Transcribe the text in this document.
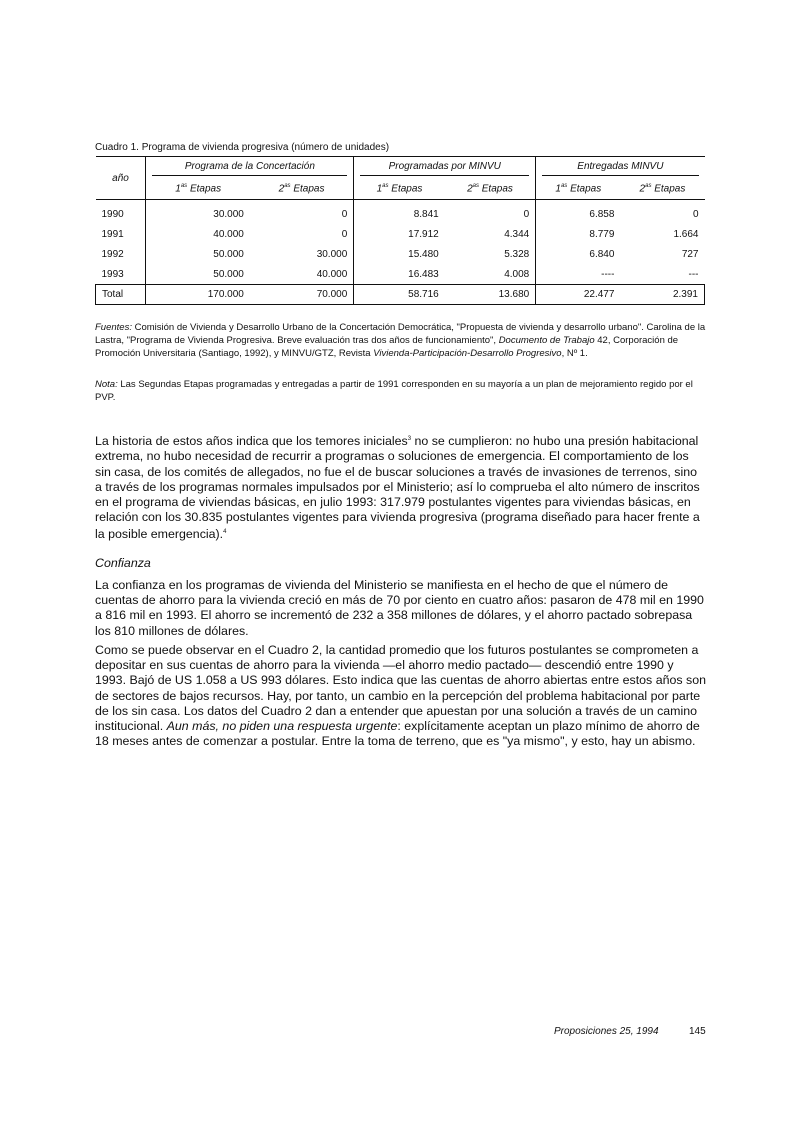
Cuadro 1. Programa de vivienda progresiva (número de unidades)
año	Programa de la Concertación		Programadas por MINVU		Entregadas MINVU	

	$1^{as}$ Etapas	$2^{as}$ Etapas	$1^{as}$ Etapas	$2^{as}$ Etapas	$1^{as}$ Etapas	$2^{as}$ Etapas
1990	30.000	0	8.841	0	6.858	0
1991	40.000	0	17.912	4.344	8.779	1.664
1992	50.000	30.000	15.480	5.328	6.840	727
1993	50.000	40.000	16.483	4.008	----	---
Total	170.000	70.000	58.716	13.680	22.477	2.391
Fuentes: Comisión de Vivienda y Desarrollo Urbano de la Concertación Democrática, "Propuesta de vivienda y desarrollo urbano". Carolina de la Lastra, "Programa de Vivienda Progresiva. Breve evaluación tras dos años de funcionamiento", Documento de Trabajo 42, Corporación de Promoción Universitaria (Santiago, 1992), y MINVU/GTZ, Revista Vivienda-Participación-Desarrollo Progresivo, Nº 1.
Nota: Las Segundas Etapas programadas y entregadas a partir de 1991 corresponden en su mayoría a un plan de mejoramiento regido por el PVP.
La historia de estos años indica que los temores iniciales$^3$ no se cumplieron: no hubo una presión habitacional extrema, no hubo necesidad de recurrir a programas o soluciones de emergencia. El comportamiento de los sin casa, de los comités de allegados, no fue el de buscar soluciones a través de invasiones de terrenos, sino a través de los programas normales impulsados por el Ministerio; así lo comprueba el alto número de inscritos en el programa de viviendas básicas, en julio 1993: 317.979 postulantes vigentes para viviendas básicas, en relación con los 30.835 postulantes vigentes para vivienda progresiva (programa diseñado para hacer frente a la posible emergencia).$^4$
Confianza
La confianza en los programas de vivienda del Ministerio se manifiesta en el hecho de que el número de cuentas de ahorro para la vivienda creció en más de 70 por ciento en cuatro años: pasaron de 478 mil en 1990 a 816 mil en 1993. El ahorro se incrementó de 232 a 358 millones de dólares, y el ahorro pactado sobrepasa los 810 millones de dólares.
Como se puede observar en el Cuadro 2, la cantidad promedio que los futuros postulantes se comprometen a depositar en sus cuentas de ahorro para la vivienda —el ahorro medio pactado— descendió entre 1990 y 1993. Bajó de US 1.058 a US 993 dólares. Esto indica que las cuentas de ahorro abiertas entre estos años son de sectores de bajos recursos. Hay, por tanto, un cambio en la percepción del problema habitacional por parte de los sin casa. Los datos del Cuadro 2 dan a entender que apuestan por una solución a través de un camino institucional. Aun más, no piden una respuesta urgente: explícitamente aceptan un plazo mínimo de ahorro de 18 meses antes de comenzar a postular. Entre la toma de terreno, que es "ya mismo", y esto, hay un abismo.
Proposiciones 25, 1994	145
